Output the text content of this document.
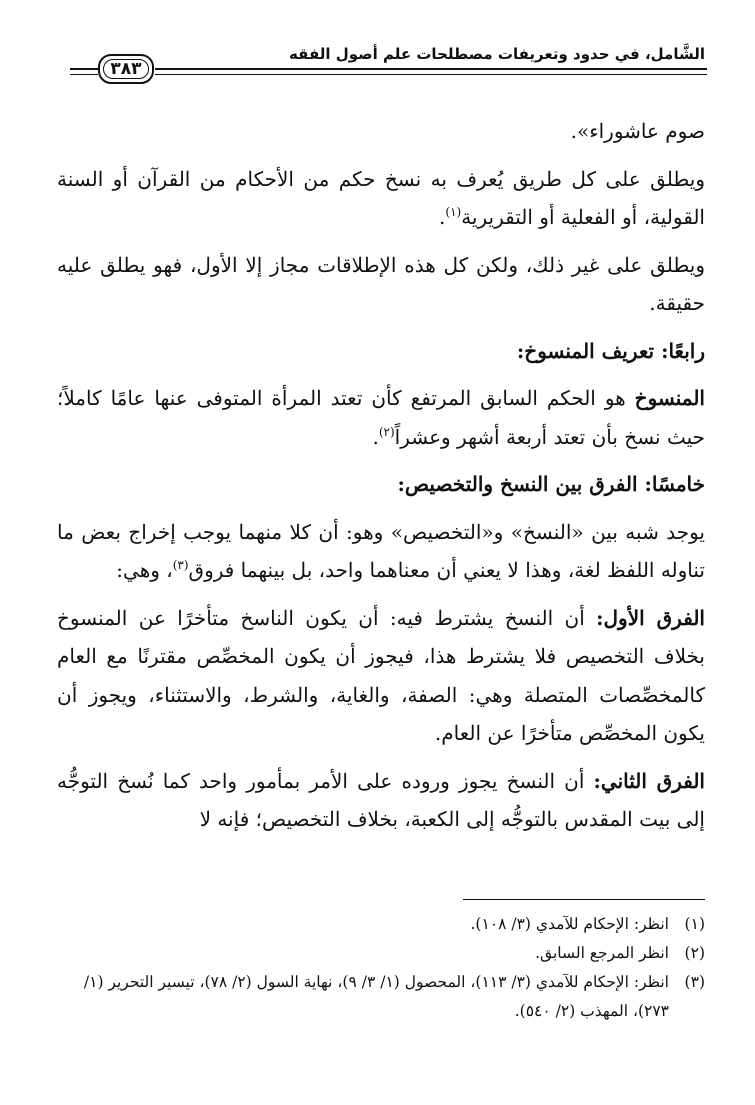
الشَّامل، في حدود وتعريفات مصطلحات علم أصول الفقه
٣٨٣

صوم عاشوراء».

ويطلق على كل طريق يُعرف به نسخ حكم من الأحكام من القرآن أو السنة القولية، أو الفعلية أو التقريرية$^{(١)}$.

ويطلق على غير ذلك، ولكن كل هذه الإطلاقات مجاز إلا الأول، فهو يطلق عليه حقيقة.

رابعًا: تعريف المنسوخ:

المنسوخ هو الحكم السابق المرتفع كأن تعتد المرأة المتوفى عنها عامًا كاملاً؛ حيث نسخ بأن تعتد أربعة أشهر وعشراً$^{(٢)}$.

خامسًا: الفرق بين النسخ والتخصيص:

يوجد شبه بين «النسخ» و«التخصيص» وهو: أن كلا منهما يوجب إخراج بعض ما تناوله اللفظ لغة، وهذا لا يعني أن معناهما واحد، بل بينهما فروق$^{(٣)}$، وهي:

الفرق الأول: أن النسخ يشترط فيه: أن يكون الناسخ متأخرًا عن المنسوخ بخلاف التخصيص فلا يشترط هذا، فيجوز أن يكون المخصِّص مقترنًا مع العام كالمخصِّصات المتصلة وهي: الصفة، والغاية، والشرط، والاستثناء، ويجوز أن يكون المخصِّص متأخرًا عن العام.

الفرق الثاني: أن النسخ يجوز وروده على الأمر بمأمور واحد كما نُسخ التوجُّه إلى بيت المقدس بالتوجُّه إلى الكعبة، بخلاف التخصيص؛ فإنه لا

(١)
انظر: الإحكام للآمدي (٣/ ١٠٨).
(٢)
انظر المرجع السابق.
(٣)
انظر: الإحكام للآمدي (٣/ ١١٣)، المحصول (١/ ٣/ ٩)، نهاية السول (٢/ ٧٨)، تيسير التحرير (١/ ٢٧٣)، المهذب (٢/ ٥٤٠).
